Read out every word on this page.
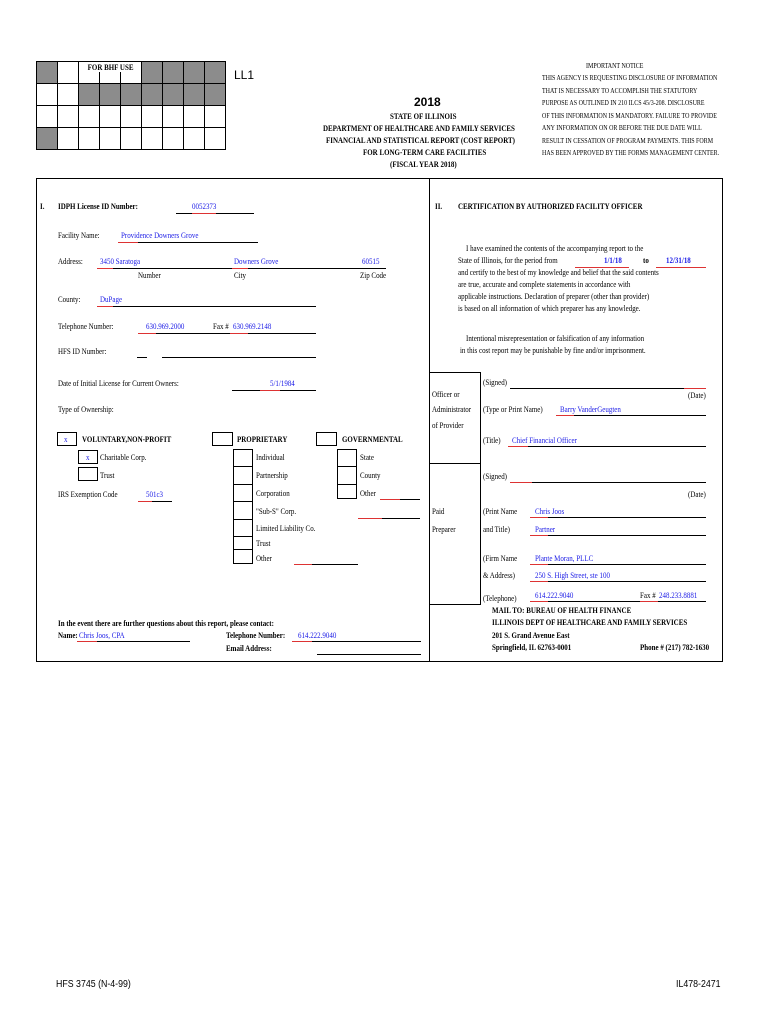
FOR BHF USE
LL1
2018
STATE OF ILLINOIS
DEPARTMENT OF HEALTHCARE AND FAMILY SERVICES
FINANCIAL AND STATISTICAL REPORT (COST REPORT)
FOR LONG-TERM CARE FACILITIES
(FISCAL YEAR 2018)
IMPORTANT NOTICE
THIS AGENCY IS REQUESTING DISCLOSURE OF INFORMATION
THAT IS NECESSARY TO ACCOMPLISH THE STATUTORY
PURPOSE AS OUTLINED IN 210 ILCS 45/3-208. DISCLOSURE
OF THIS INFORMATION IS MANDATORY. FAILURE TO PROVIDE
ANY INFORMATION ON OR BEFORE THE DUE DATE WILL
RESULT IN CESSATION OF PROGRAM PAYMENTS. THIS FORM
HAS BEEN APPROVED BY THE FORMS MANAGEMENT CENTER.
I. IDPH License ID Number:	0052373
Facility Name:	Providence Downers Grove
Address: 3450 Saratoga	Downers Grove	60515
Number	City	Zip Code
County: DuPage
Telephone Number:	630.969.2000	Fax # 630.969.2148
HFS ID Number:
Date of Initial License for Current Owners:	5/1/1984
Type of Ownership:
x VOLUNTARY,NON-PROFIT
x Charitable Corp.
Trust
IRS Exemption Code	501c3
PROPRIETARY
Individual
Partnership
Corporation
"Sub-S" Corp.
Limited Liability Co.
Trust
Other
GOVERNMENTAL
State
County
Other
In the event there are further questions about this report, please contact:
Name: Chris Joos, CPA	Telephone Number: 614.222.9040
Email Address:
II. CERTIFICATION BY AUTHORIZED FACILITY OFFICER
I have examined the contents of the accompanying report to the
State of Illinois, for the period from	1/1/18 to 12/31/18
and certify to the best of my knowledge and belief that the said contents
are true, accurate and complete statements in accordance with
applicable instructions. Declaration of preparer (other than provider)
is based on all information of which preparer has any knowledge.
Intentional misrepresentation or falsification of any information
in this cost report may be punishable by fine and/or imprisonment.
Officer or
Administrator
of Provider
(Signed)
(Date)
(Type or Print Name) Barry VanderGeugten
(Title) Chief Financial Officer
Paid
Preparer
(Signed)
(Date)
(Print Name Chris Joos
and Title)	Partner
(Firm Name Plante Moran, PLLC
& Address) 250 S. High Street, ste 100
(Telephone) 614.222.9040	Fax # 248.233.8881
MAIL TO: BUREAU OF HEALTH FINANCE
ILLINOIS DEPT OF HEALTHCARE AND FAMILY SERVICES
201 S. Grand Avenue East
Springfield, IL 62763-0001	Phone # (217) 782-1630
HFS 3745 (N-4-99)	IL478-2471
